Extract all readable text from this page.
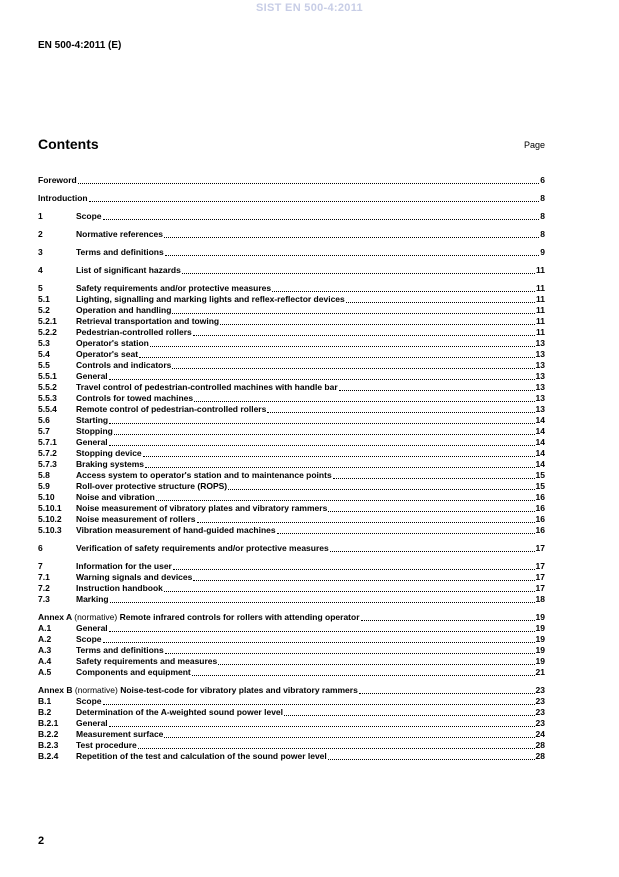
SIST EN 500-4:2011
EN 500-4:2011 (E)
Contents	Page
Foreword	6
Introduction	8
1	Scope	8
2	Normative references	8
3	Terms and definitions	9
4	List of significant hazards	11
5	Safety requirements and/or protective measures	11
5.1	Lighting, signalling and marking lights and reflex-reflector devices	11
5.2	Operation and handling	11
5.2.1	Retrieval transportation and towing	11
5.2.2	Pedestrian-controlled rollers	11
5.3	Operator's station	13
5.4	Operator's seat	13
5.5	Controls and indicators	13
5.5.1	General	13
5.5.2	Travel control of pedestrian-controlled machines with handle bar	13
5.5.3	Controls for towed machines	13
5.5.4	Remote control of pedestrian-controlled rollers	13
5.6	Starting	14
5.7	Stopping	14
5.7.1	General	14
5.7.2	Stopping device	14
5.7.3	Braking systems	14
5.8	Access system to operator's station and to maintenance points	15
5.9	Roll-over protective structure (ROPS)	15
5.10	Noise and vibration	16
5.10.1	Noise measurement of vibratory plates and vibratory rammers	16
5.10.2	Noise measurement of rollers	16
5.10.3	Vibration measurement of hand-guided machines	16
6	Verification of safety requirements and/or protective measures	17
7	Information for the user	17
7.1	Warning signals and devices	17
7.2	Instruction handbook	17
7.3	Marking	18
Annex A (normative) Remote infrared controls for rollers with attending operator	19
A.1	General	19
A.2	Scope	19
A.3	Terms and definitions	19
A.4	Safety requirements and measures	19
A.5	Components and equipment	21
Annex B (normative) Noise-test-code for vibratory plates and vibratory rammers	23
B.1	Scope	23
B.2	Determination of the A-weighted sound power level	23
B.2.1	General	23
B.2.2	Measurement surface	24
B.2.3	Test procedure	28
B.2.4	Repetition of the test and calculation of the sound power level	28
2
